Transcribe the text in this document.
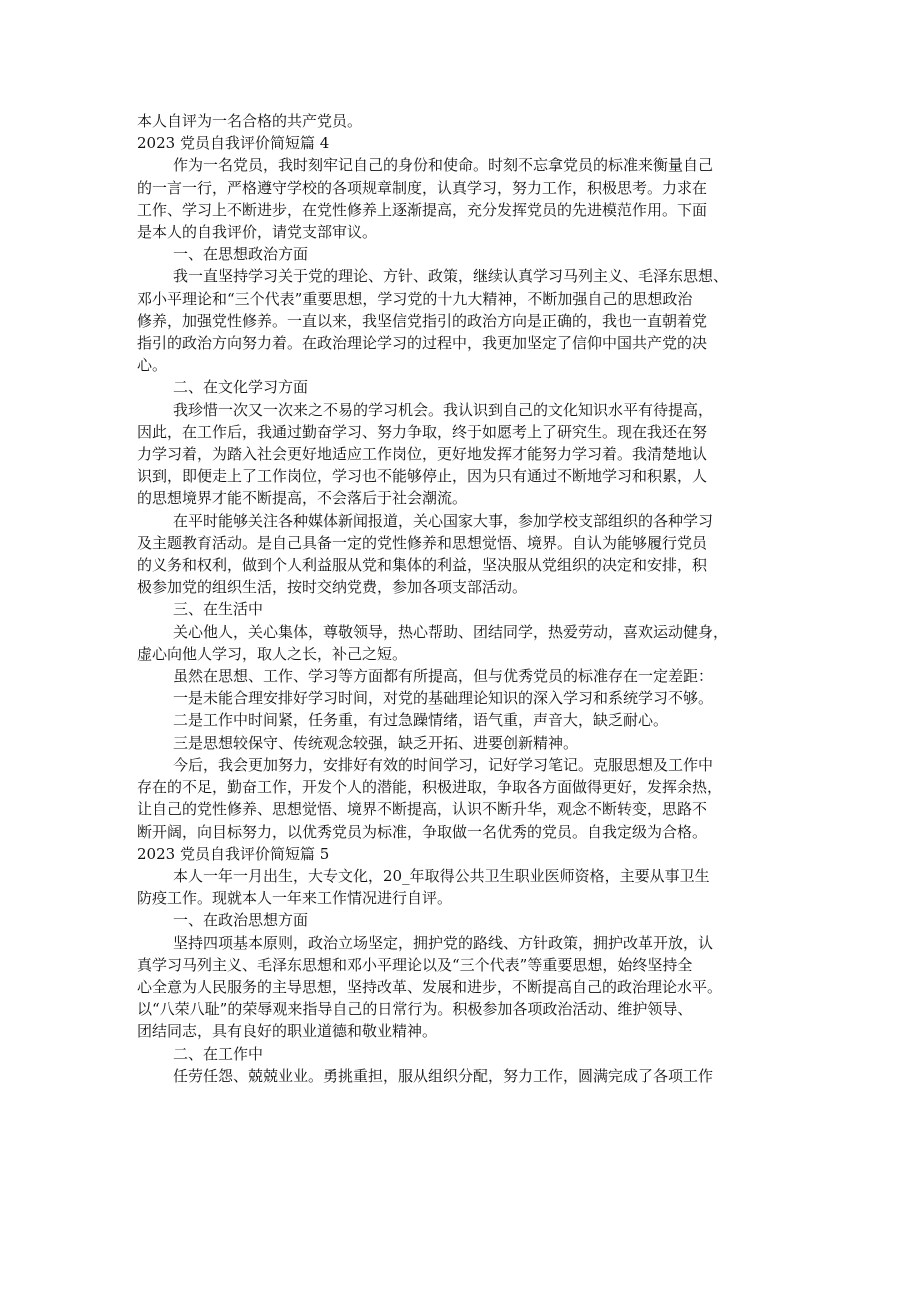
本人自评为一名合格的共产党员。

2023 党员自我评价简短篇 4

作为一名党员，我时刻牢记自己的身份和使命。时刻不忘拿党员的标准来衡量自己

的一言一行，严格遵守学校的各项规章制度，认真学习，努力工作，积极思考。力求在

工作、学习上不断进步，在党性修养上逐渐提高，充分发挥党员的先进模范作用。下面

是本人的自我评价，请党支部审议。

一、在思想政治方面

我一直坚持学习关于党的理论、方针、政策，继续认真学习马列主义、毛泽东思想、

邓小平理论和“三个代表”重要思想，学习党的十九大精神，不断加强自己的思想政治

修养，加强党性修养。一直以来，我坚信党指引的政治方向是正确的，我也一直朝着党

指引的政治方向努力着。在政治理论学习的过程中，我更加坚定了信仰中国共产党的决

心。

二、在文化学习方面

我珍惜一次又一次来之不易的学习机会。我认识到自己的文化知识水平有待提高，

因此，在工作后，我通过勤奋学习、努力争取，终于如愿考上了研究生。现在我还在努

力学习着，为踏入社会更好地适应工作岗位，更好地发挥才能努力学习着。我清楚地认

识到，即便走上了工作岗位，学习也不能够停止，因为只有通过不断地学习和积累，人

的思想境界才能不断提高，不会落后于社会潮流。

在平时能够关注各种媒体新闻报道，关心国家大事，参加学校支部组织的各种学习

及主题教育活动。是自己具备一定的党性修养和思想觉悟、境界。自认为能够履行党员

的义务和权利，做到个人利益服从党和集体的利益，坚决服从党组织的决定和安排，积

极参加党的组织生活，按时交纳党费，参加各项支部活动。

三、在生活中

关心他人，关心集体，尊敬领导，热心帮助、团结同学，热爱劳动，喜欢运动健身，

虚心向他人学习，取人之长，补己之短。

虽然在思想、工作、学习等方面都有所提高，但与优秀党员的标准存在一定差距：

一是未能合理安排好学习时间，对党的基础理论知识的深入学习和系统学习不够。

二是工作中时间紧，任务重，有过急躁情绪，语气重，声音大，缺乏耐心。

三是思想较保守、传统观念较强，缺乏开拓、进要创新精神。

今后，我会更加努力，安排好有效的时间学习，记好学习笔记。克服思想及工作中

存在的不足，勤奋工作，开发个人的潜能，积极进取，争取各方面做得更好，发挥余热，

让自己的党性修养、思想觉悟、境界不断提高，认识不断升华，观念不断转变，思路不

断开阔，向目标努力，以优秀党员为标准，争取做一名优秀的党员。自我定级为合格。

2023 党员自我评价简短篇 5

本人一年一月出生，大专文化，20_年取得公共卫生职业医师资格，主要从事卫生

防疫工作。现就本人一年来工作情况进行自评。

一、在政治思想方面

坚持四项基本原则，政治立场坚定，拥护党的路线、方针政策，拥护改革开放，认

真学习马列主义、毛泽东思想和邓小平理论以及“三个代表”等重要思想，始终坚持全

心全意为人民服务的主导思想，坚持改革、发展和进步，不断提高自己的政治理论水平。

以“八荣八耻”的荣辱观来指导自己的日常行为。积极参加各项政治活动、维护领导、

团结同志，具有良好的职业道德和敬业精神。

二、在工作中

任劳任怨、兢兢业业。勇挑重担，服从组织分配，努力工作，圆满完成了各项工作
